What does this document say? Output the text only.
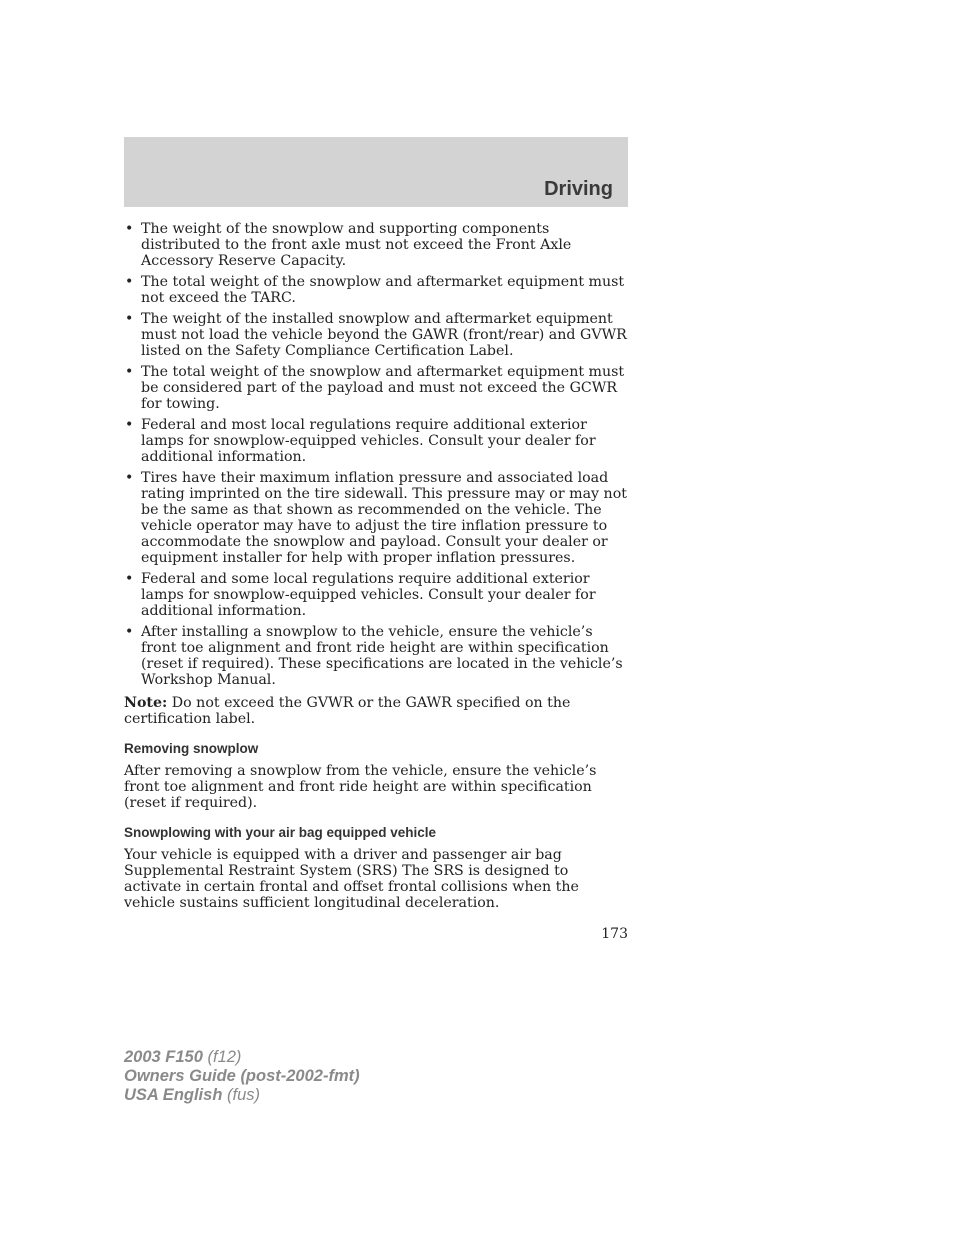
Driving
• The weight of the snowplow and supporting components distributed to the front axle must not exceed the Front Axle Accessory Reserve Capacity.
• The total weight of the snowplow and aftermarket equipment must not exceed the TARC.
• The weight of the installed snowplow and aftermarket equipment must not load the vehicle beyond the GAWR (front/rear) and GVWR listed on the Safety Compliance Certification Label.
• The total weight of the snowplow and aftermarket equipment must be considered part of the payload and must not exceed the GCWR for towing.
• Federal and most local regulations require additional exterior lamps for snowplow-equipped vehicles. Consult your dealer for additional information.
• Tires have their maximum inflation pressure and associated load rating imprinted on the tire sidewall. This pressure may or may not be the same as that shown as recommended on the vehicle. The vehicle operator may have to adjust the tire inflation pressure to accommodate the snowplow and payload. Consult your dealer or equipment installer for help with proper inflation pressures.
• Federal and some local regulations require additional exterior lamps for snowplow-equipped vehicles. Consult your dealer for additional information.
• After installing a snowplow to the vehicle, ensure the vehicle’s front toe alignment and front ride height are within specification (reset if required). These specifications are located in the vehicle’s Workshop Manual.

Note: Do not exceed the GVWR or the GAWR specified on the certification label.

Removing snowplow

After removing a snowplow from the vehicle, ensure the vehicle’s front toe alignment and front ride height are within specification (reset if required).

Snowplowing with your air bag equipped vehicle

Your vehicle is equipped with a driver and passenger air bag Supplemental Restraint System (SRS) The SRS is designed to activate in certain frontal and offset frontal collisions when the vehicle sustains sufficient longitudinal deceleration.

173
2003 F150 (f12)
Owners Guide (post-2002-fmt)
USA English (fus)
